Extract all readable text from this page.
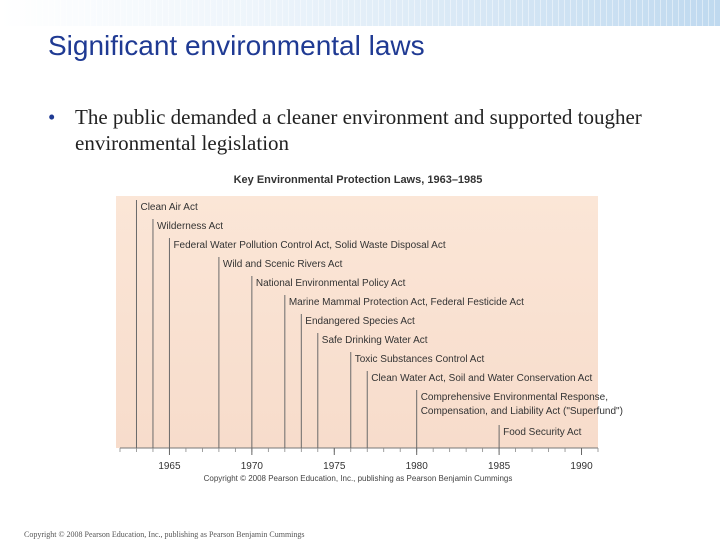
Significant environmental laws
• The public demanded a cleaner environment and supported tougher environmental legislation
Key Environmental Protection Laws, 1963–1985
1965	1970	1975	1980	1985	1990
Clean Air Act
Wilderness Act
Federal Water Pollution Control Act, Solid Waste Disposal Act
Wild and Scenic Rivers Act
National Environmental Policy Act
Marine Mammal Protection Act, Federal Festicide Act
Endangered Species Act
Safe Drinking Water Act
Toxic Substances Control Act
Clean Water Act, Soil and Water Conservation Act
Comprehensive Environmental Response, Compensation, and Liability Act ("Superfund")
Food Security Act
Copyright © 2008 Pearson Education, Inc., publishing as Pearson Benjamin Cummings
Copyright © 2008 Pearson Education, Inc., publishing as Pearson Benjamin Cummings
